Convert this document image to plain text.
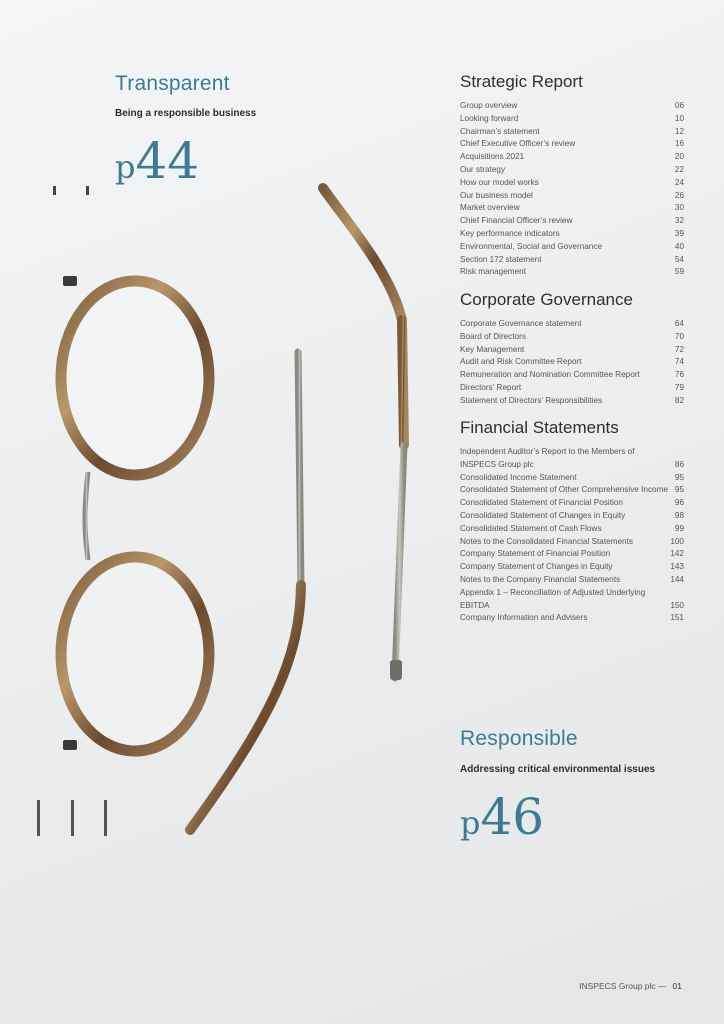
Transparent
Being a responsible business
p44
Responsible
Addressing critical environmental issues
p46
Strategic Report
Group overview	06
Looking forward	10
Chairman’s statement	12
Chief Executive Officer’s review	16
Acquisitions 2021	20
Our strategy	22
How our model works	24
Our business model	26
Market overview	30
Chief Financial Officer’s review	32
Key performance indicators	39
Environmental, Social and Governance	40
Section 172 statement	54
Risk management	59
Corporate Governance
Corporate Governance statement	64
Board of Directors	70
Key Management	72
Audit and Risk Committee Report	74
Remuneration and Nomination Committee Report	76
Directors’ Report	79
Statement of Directors’ Responsibilities	82
Financial Statements
Independent Auditor’s Report to the Members of INSPECS Group plc	86
Consolidated Income Statement	95
Consolidated Statement of Other Comprehensive Income 95
Consolidated Statement of Financial Position	96
Consolidated Statement of Changes in Equity	98
Consolidated Statement of Cash Flows	99
Notes to the Consolidated Financial Statements	100
Company Statement of Financial Position	142
Company Statement of Changes in Equity	143
Notes to the Company Financial Statements	144
Appendix 1 – Reconciliation of Adjusted Underlying EBITDA	150
Company Information and Advisers	151
INSPECS Group plc — 01
